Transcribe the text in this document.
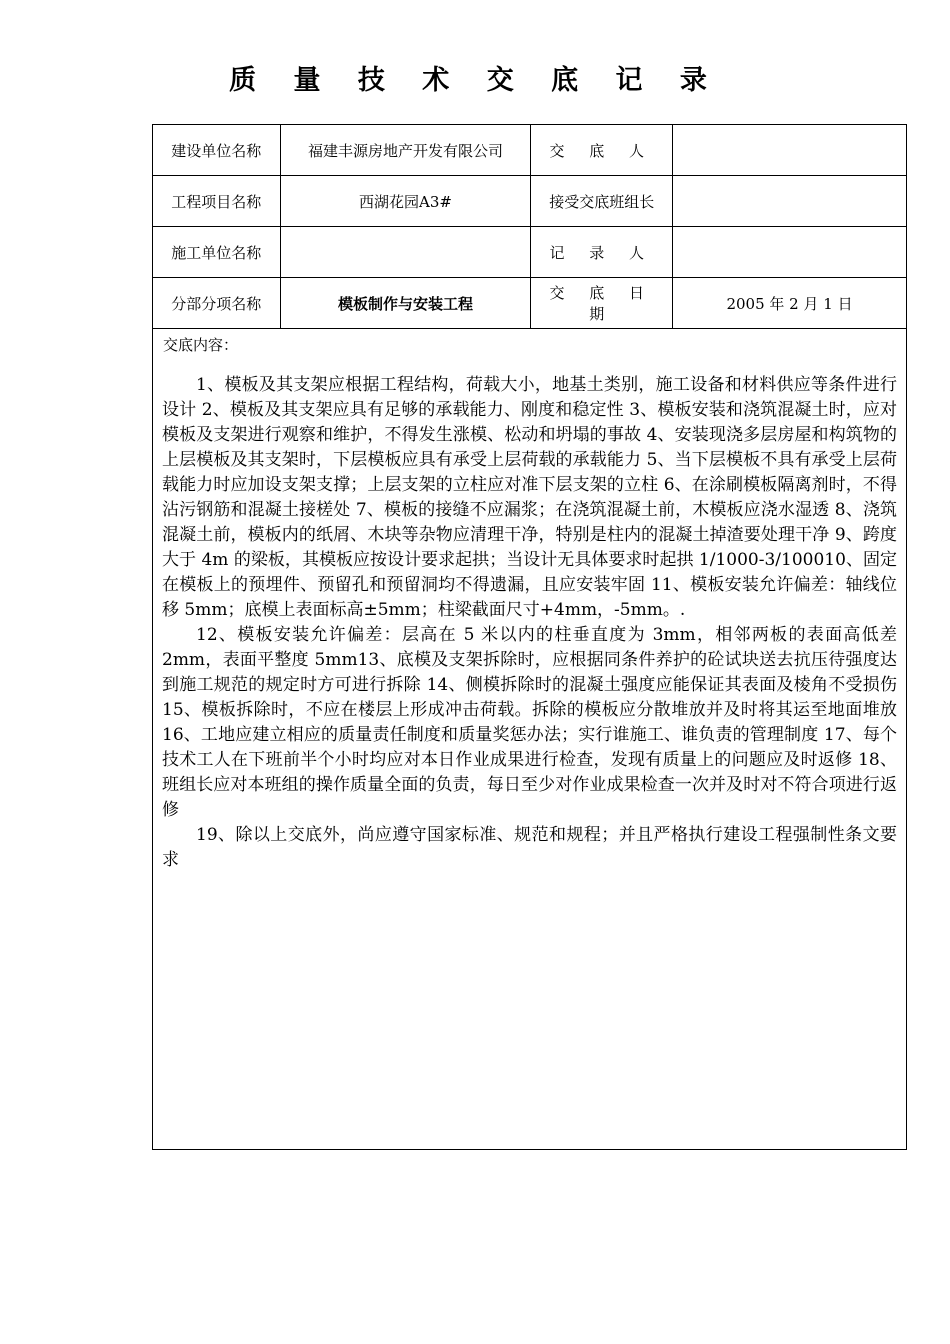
质 量 技 术 交 底 记 录
建设单位名称	福建丰源房地产开发有限公司	交 底 人	
工程项目名称	西湖花园A3#	接受交底班组长	
施工单位名称		记 录 人	
分部分项名称	模板制作与安装工程	交 底 日 期	2005 年 2 月 1 日

交底内容：

1、模板及其支架应根据工程结构，荷载大小，地基土类别，施工设备和材料供应等条件进行设计 2、模板及其支架应具有足够的承载能力、刚度和稳定性 3、模板安装和浇筑混凝土时，应对模板及支架进行观察和维护，不得发生涨模、松动和坍塌的事故 4、安装现浇多层房屋和构筑物的上层模板及其支架时，下层模板应具有承受上层荷载的承载能力 5、当下层模板不具有承受上层荷载能力时应加设支架支撑；上层支架的立柱应对准下层支架的立柱 6、在涂刷模板隔离剂时，不得沾污钢筋和混凝土接槎处 7、模板的接缝不应漏浆；在浇筑混凝土前，木模板应浇水湿透 8、浇筑混凝土前，模板内的纸屑、木块等杂物应清理干净，特别是柱内的混凝土掉渣要处理干净 9、跨度大于 4m 的梁板，其模板应按设计要求起拱；当设计无具体要求时起拱 1/1000-3/100010、固定在模板上的预埋件、预留孔和预留洞均不得遗漏，且应安装牢固 11、模板安装允许偏差：轴线位移 5mm；底模上表面标高±5mm；柱梁截面尺寸+4mm，-5mm。.

12、模板安装允许偏差：层高在 5 米以内的柱垂直度为 3mm，相邻两板的表面高低差 2mm，表面平整度 5mm13、底模及支架拆除时，应根据同条件养护的砼试块送去抗压待强度达到施工规范的规定时方可进行拆除 14、侧模拆除时的混凝土强度应能保证其表面及棱角不受损伤 15、模板拆除时，不应在楼层上形成冲击荷载。拆除的模板应分散堆放并及时将其运至地面堆放 16、工地应建立相应的质量责任制度和质量奖惩办法；实行谁施工、谁负责的管理制度 17、每个技术工人在下班前半个小时均应对本日作业成果进行检查，发现有质量上的问题应及时返修 18、班组长应对本班组的操作质量全面的负责，每日至少对作业成果检查一次并及时对不符合项进行返修

19、除以上交底外，尚应遵守国家标准、规范和规程；并且严格执行建设工程强制性条文要求			
